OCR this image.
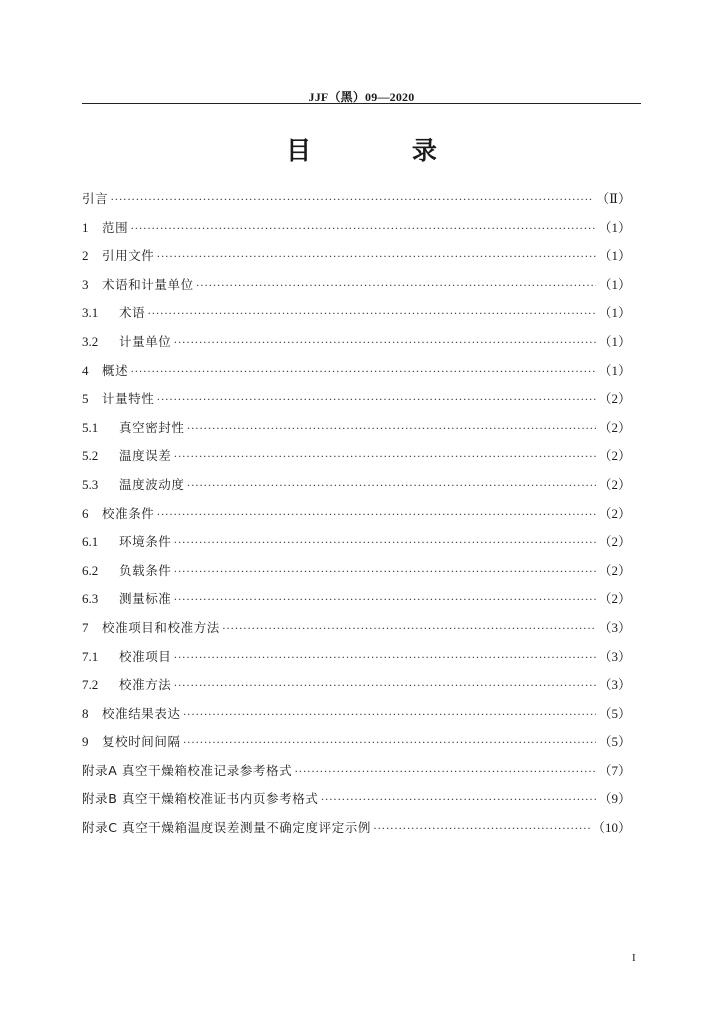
JJF（黑）09—2020
目 录
引言 ·····	（Ⅱ）
1	范围 ·····	（1）
2	引用文件 ·····	（1）
3	术语和计量单位 ·····	（1）
3.1	术语 ·····	（1）
3.2	计量单位 ·····	（1）
4	概述 ·····	（1）
5	计量特性 ·····	（2）
5.1	真空密封性 ·····	（2）
5.2	温度误差 ·····	（2）
5.3	温度波动度 ·····	（2）
6	校准条件 ·····	（2）
6.1	环境条件 ·····	（2）
6.2	负载条件 ·····	（2）
6.3	测量标准 ·····	（2）
7	校准项目和校准方法 ·····	（3）
7.1	校准项目 ·····	（3）
7.2	校准方法 ·····	（3）
8	校准结果表达 ·····	（5）
9	复校时间间隔 ·····	（5）
附录A 真空干燥箱校准记录参考格式 ·····	（7）
附录B 真空干燥箱校准证书内页参考格式 ·····	（9）
附录C 真空干燥箱温度误差测量不确定度评定示例 ·····	（10）
I
